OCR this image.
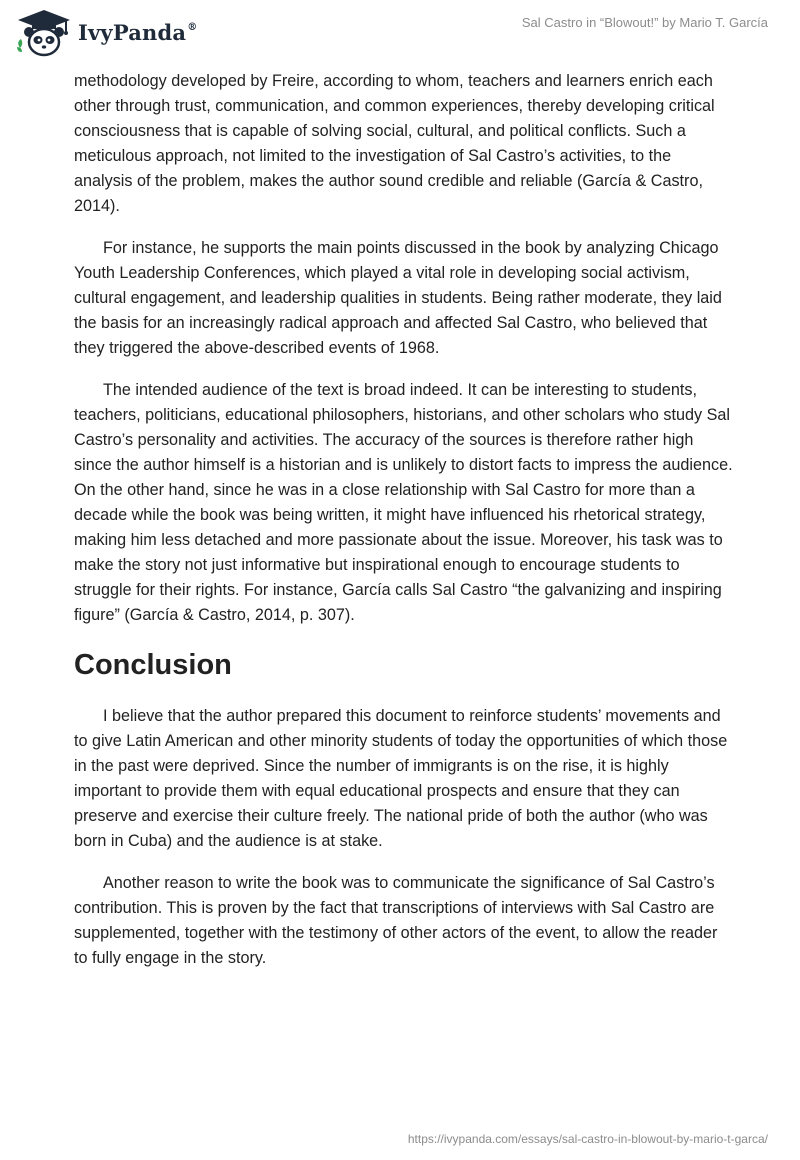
IvyPanda®	Sal Castro in “Blowout!” by Mario T. García

methodology developed by Freire, according to whom, teachers and learners enrich each other through trust, communication, and common experiences, thereby developing critical consciousness that is capable of solving social, cultural, and political conflicts. Such a meticulous approach, not limited to the investigation of Sal Castro’s activities, to the analysis of the problem, makes the author sound credible and reliable (García & Castro, 2014).

For instance, he supports the main points discussed in the book by analyzing Chicago Youth Leadership Conferences, which played a vital role in developing social activism, cultural engagement, and leadership qualities in students. Being rather moderate, they laid the basis for an increasingly radical approach and affected Sal Castro, who believed that they triggered the above-described events of 1968.

The intended audience of the text is broad indeed. It can be interesting to students, teachers, politicians, educational philosophers, historians, and other scholars who study Sal Castro’s personality and activities. The accuracy of the sources is therefore rather high since the author himself is a historian and is unlikely to distort facts to impress the audience. On the other hand, since he was in a close relationship with Sal Castro for more than a decade while the book was being written, it might have influenced his rhetorical strategy, making him less detached and more passionate about the issue. Moreover, his task was to make the story not just informative but inspirational enough to encourage students to struggle for their rights. For instance, García calls Sal Castro “the galvanizing and inspiring figure” (García & Castro, 2014, p. 307).

Conclusion

I believe that the author prepared this document to reinforce students’ movements and to give Latin American and other minority students of today the opportunities of which those in the past were deprived. Since the number of immigrants is on the rise, it is highly important to provide them with equal educational prospects and ensure that they can preserve and exercise their culture freely. The national pride of both the author (who was born in Cuba) and the audience is at stake.

Another reason to write the book was to communicate the significance of Sal Castro’s contribution. This is proven by the fact that transcriptions of interviews with Sal Castro are supplemented, together with the testimony of other actors of the event, to allow the reader to fully engage in the story.

https://ivypanda.com/essays/sal-castro-in-blowout-by-mario-t-garca/
